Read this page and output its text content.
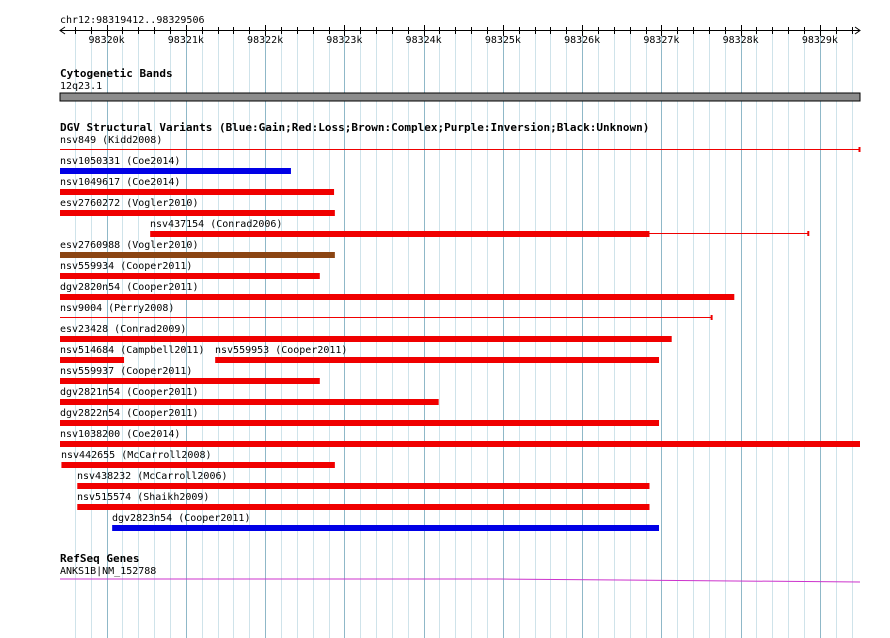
chr12:98319412..98329506
98320k	98321k	98322k	98323k	98324k	98325k	98326k	98327k	98328k	98329k
Cytogenetic Bands
12q23.1
DGV Structural Variants (Blue:Gain;Red:Loss;Brown:Complex;Purple:Inversion;Black:Unknown)
nsv849 (Kidd2008)
nsv1050331 (Coe2014)
nsv1049617 (Coe2014)
esv2760272 (Vogler2010)
nsv437154 (Conrad2006)
esv2760988 (Vogler2010)
nsv559934 (Cooper2011)
dgv2820n54 (Cooper2011)
nsv9004 (Perry2008)
esv23428 (Conrad2009)
nsv514684 (Campbell2011) nsv559953 (Cooper2011)
nsv559937 (Cooper2011)
dgv2821n54 (Cooper2011)
dgv2822n54 (Cooper2011)
nsv1038200 (Coe2014)
nsv442655 (McCarroll2008)
nsv438232 (McCarroll2006)
nsv515574 (Shaikh2009)
dgv2823n54 (Cooper2011)
RefSeq Genes
ANKS1B|NM_152788
